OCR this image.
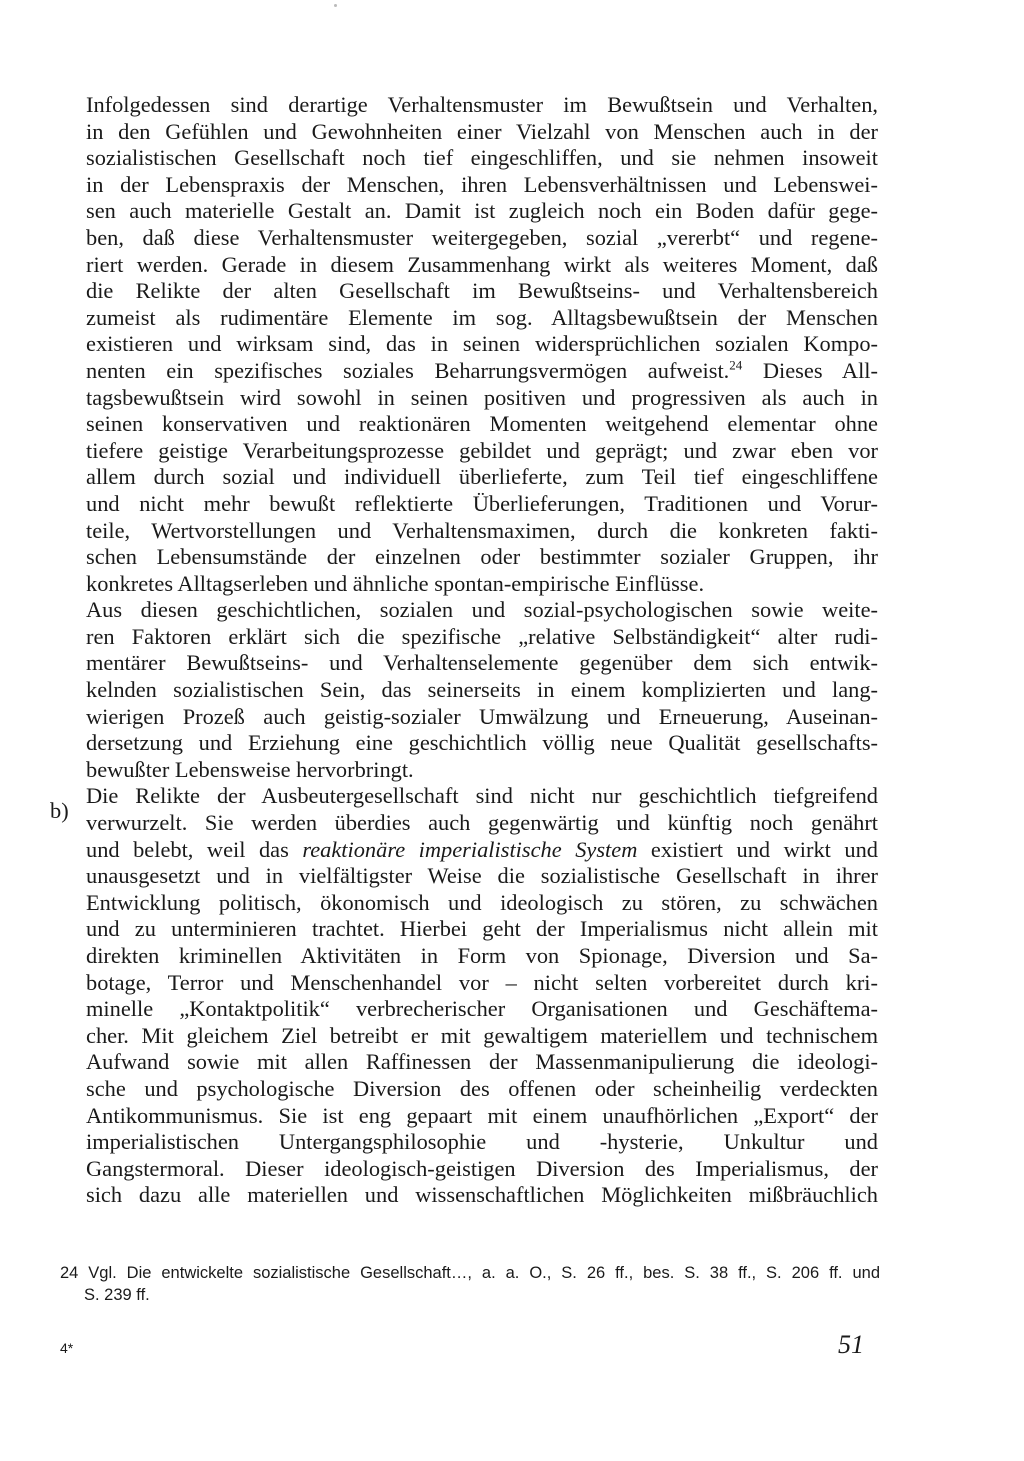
Infolgedessen sind derartige Verhaltensmuster im Bewußtsein und Verhalten,
in den Gefühlen und Gewohnheiten einer Vielzahl von Menschen auch in der
sozialistischen Gesellschaft noch tief eingeschliffen, und sie nehmen insoweit
in der Lebenspraxis der Menschen, ihren Lebensverhältnissen und Lebenswei-
sen auch materielle Gestalt an. Damit ist zugleich noch ein Boden dafür gege-
ben, daß diese Verhaltensmuster weitergegeben, sozial „vererbt“ und regene-
riert werden. Gerade in diesem Zusammenhang wirkt als weiteres Moment, daß
die Relikte der alten Gesellschaft im Bewußtseins- und Verhaltensbereich
zumeist als rudimentäre Elemente im sog. Alltagsbewußtsein der Menschen
existieren und wirksam sind, das in seinen widersprüchlichen sozialen Kompo-
nenten ein spezifisches soziales Beharrungsvermögen aufweist.$^{24}$ Dieses All-
tagsbewußtsein wird sowohl in seinen positiven und progressiven als auch in
seinen konservativen und reaktionären Momenten weitgehend elementar ohne
tiefere geistige Verarbeitungsprozesse gebildet und geprägt; und zwar eben vor
allem durch sozial und individuell überlieferte, zum Teil tief eingeschliffene
und nicht mehr bewußt reflektierte Überlieferungen, Traditionen und Vorur-
teile, Wertvorstellungen und Verhaltensmaximen, durch die konkreten fakti-
schen Lebensumstände der einzelnen oder bestimmter sozialer Gruppen, ihr
konkretes Alltagserleben und ähnliche spontan-empirische Einflüsse.
Aus diesen geschichtlichen, sozialen und sozial-psychologischen sowie weite-
ren Faktoren erklärt sich die spezifische „relative Selbständigkeit“ alter rudi-
mentärer Bewußtseins- und Verhaltenselemente gegenüber dem sich entwik-
kelnden sozialistischen Sein, das seinerseits in einem komplizierten und lang-
wierigen Prozeß auch geistig-sozialer Umwälzung und Erneuerung, Auseinan-
dersetzung und Erziehung eine geschichtlich völlig neue Qualität gesellschafts-
bewußter Lebensweise hervorbringt.
Die Relikte der Ausbeutergesellschaft sind nicht nur geschichtlich tiefgreifend
verwurzelt. Sie werden überdies auch gegenwärtig und künftig noch genährt
und belebt, weil das reaktionäre imperialistische System existiert und wirkt und
unausgesetzt und in vielfältigster Weise die sozialistische Gesellschaft in ihrer
Entwicklung politisch, ökonomisch und ideologisch zu stören, zu schwächen
und zu unterminieren trachtet. Hierbei geht der Imperialismus nicht allein mit
direkten kriminellen Aktivitäten in Form von Spionage, Diversion und Sa-
botage, Terror und Menschenhandel vor – nicht selten vorbereitet durch kri-
minelle „Kontaktpolitik“ verbrecherischer Organisationen und Geschäftema-
cher. Mit gleichem Ziel betreibt er mit gewaltigem materiellem und technischem
Aufwand sowie mit allen Raffinessen der Massenmanipulierung die ideologi-
sche und psychologische Diversion des offenen oder scheinheilig verdeckten
Antikommunismus. Sie ist eng gepaart mit einem unaufhörlichen „Export“ der
imperialistischen Untergangsphilosophie und -hysterie, Unkultur und
Gangstermoral. Dieser ideologisch-geistigen Diversion des Imperialismus, der
sich dazu alle materiellen und wissenschaftlichen Möglichkeiten mißbräuchlich
b)
24 Vgl. Die entwickelte sozialistische Gesellschaft…, a. a. O., S. 26 ff., bes. S. 38 ff., S. 206 ff. und
S. 239 ff.
4*	51
